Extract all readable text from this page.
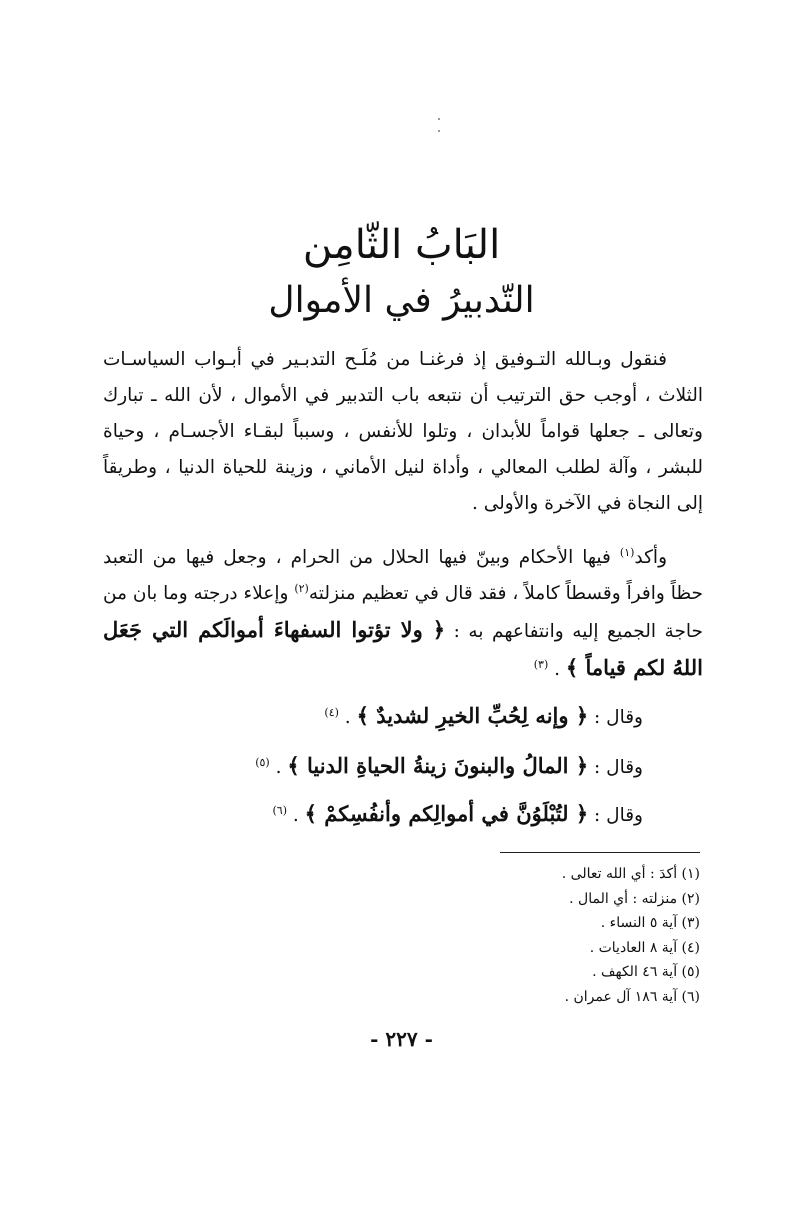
البَابُ الثّامِن
التّدبيرُ في الأموال

فنقول وبـالله التـوفيق إذ فرغنـا من مُلَـح التدبـير في أبـواب السياسـات الثلاث ، أوجب حق الترتيب أن نتبعه باب التدبير في الأموال ، لأن الله ـ تبارك وتعالى ـ جعلها قواماً للأبدان ، وتلوا للأنفس ، وسبباً لبقـاء الأجسـام ، وحياة للبشر ، وآلة لطلب المعالي ، وأداة لنيل الأماني ، وزينة للحياة الدنيا ، وطريقاً إلى النجاة في الآخرة والأولى .

وأكد$^{(١)}$ فيها الأحكام وبينّ فيها الحلال من الحرام ، وجعل فيها من التعبد حظاً وافراً وقسطاً كاملاً ، فقد قال في تعظيم منزلته$^{(٢)}$ وإعلاء درجته وما بان من حاجة الجميع إليه وانتفاعهم به : ﴿ ولا تؤتوا السفهاءَ أموالَكم التي جَعَل اللهُ لكم قياماً ﴾ . $^{(٣)}$

وقال : ﴿ وإنه لِحُبِّ الخيرِ لشديدٌ ﴾ . $^{(٤)}$

وقال : ﴿ المالُ والبنونَ زينةُ الحياةِ الدنيا ﴾ . $^{(٥)}$

وقال : ﴿ لتُبْلَوُنَّ في أموالِكم وأنفُسِكمْ ﴾ . $^{(٦)}$

(١) أكدَ : أي الله تعالى .
(٢) منزلته : أي المال .
(٣) آية ٥ النساء .
(٤) آية ٨ العاديات .
(٥) آية ٤٦ الكهف .
(٦) آية ١٨٦ آل عمران .
- ٢٢٧ -
